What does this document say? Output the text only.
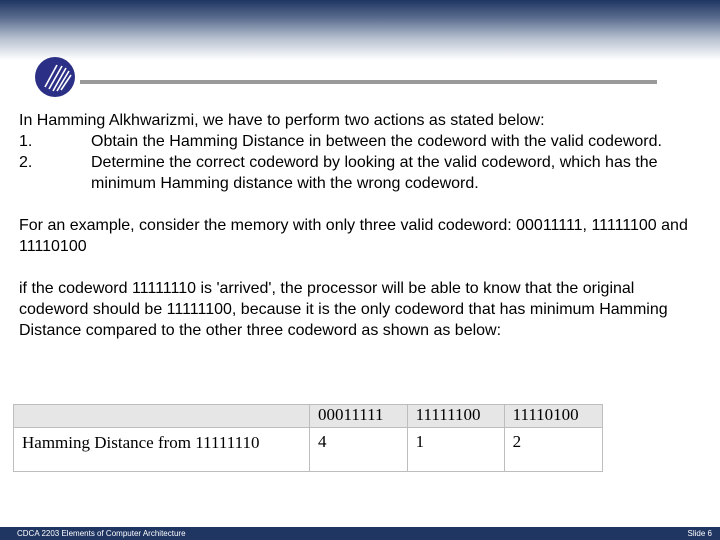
In Hamming Alkhwarizmi, we have to perform two actions as stated below:

1.	Obtain the Hamming Distance in between the codeword with the valid codeword.
2.	Determine the correct codeword by looking at the valid codeword, which has the minimum Hamming distance with the wrong codeword.

For an example, consider the memory with only three valid codeword: 00011111, 11111100 and 11110100

if the codeword 11111110 is 'arrived', the processor will be able to know that the original codeword should be 11111100, because it is the only codeword that has minimum Hamming Distance compared to the other three codeword as shown as below:

	00011111	11111100	11110100
Hamming Distance from 11111110	4	1	2
CDCA 2203 Elements of Computer Architecture	Slide 6
